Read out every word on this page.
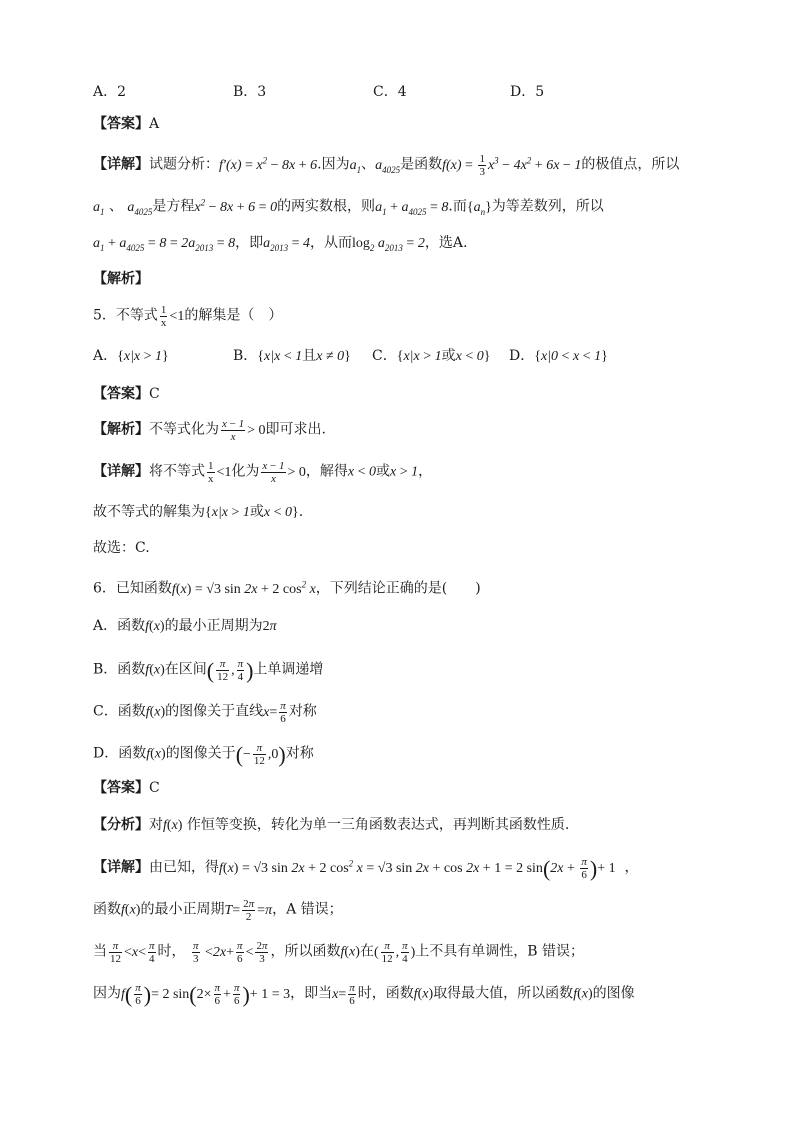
A．2	B．3	C．4	D．5
【答案】A
【详解】试题分析：$f'(x) = x^2 - 8x + 6$.因为$a_1$、$a_{4025}$是函数$f(x) = \frac{1}{3} x^3 - 4x^2 + 6x - 1$的极值点，所以
$a_1$ 、 $a_{4025}$是方程$x^2 - 8x + 6 = 0$的两实数根，则$a_1 + a_{4025} = 8$.而$\{a_n\}$为等差数列，所以
$a_1 + a_{4025} = 8 = 2a_{2013} = 8$，即$a_{2013} = 4$，从而$\log_2 a_{2013} = 2$，选A.
【解析】
5．不等式 $\frac{1}{x} <1$的解集是（　）
A．{x|x > 1}	B．{x|x < 1且x ≠ 0} C．{x|x > 1或x < 0} D．{x|0 < x < 1}
【答案】C
【解析】不等式化为 $\frac{x - 1}{x} > 0$即可求出.
【详解】将不等式 $\frac{1}{x} <1$化为 $\frac{x - 1}{x} > 0$，解得x < 0或x > 1，
故不等式的解集为{x|x > 1或x < 0}.
故选：C.
6．已知函数f(x) = √3 sin 2x + 2 $\cos^2 x$，下列结论正确的是(　　)
A．函数f(x)的最小正周期为2π
B．函数f(x)在区间( $\frac{\pi}{12}$ , $\frac{\pi}{4}$ )上单调递增
C．函数f(x)的图像关于直线$x= \frac{\pi}{6}$ 对称
D．函数f(x)的图像关于(− $\frac{\pi}{12} ,0$)对称
【答案】C
【分析】对f(x) 作恒等变换，转化为单一三角函数表达式，再判断其函数性质.
【详解】由已知，得f(x) = √3 sin 2x + 2 $\cos^2 x = √3$ sin 2x + cos 2x + 1 = 2 $\sin(2x + \frac{\pi}{6}$ )+ 1 ，
函数f(x)的最小正周期$T= \frac{2\pi}{2} =\pi$，A 错误；
当 $\frac{\pi}{12} <x< \frac{\pi}{4}$ 时， $\frac{\pi}{3} <2x+ \frac{\pi}{6} < \frac{2\pi}{3}$ ，所以函数f(x)在( $\frac{\pi}{12}$ , $\frac{\pi}{4}$ )上不具有单调性，B 错误；
因为$f( \frac{\pi}{6}$ )= 2 $\sin(2\times \frac{\pi}{6} + \frac{\pi}{6}$ )+ 1 = 3，即当$x= \frac{\pi}{6}$ 时，函数f(x)取得最大值，所以函数f(x)的图像
